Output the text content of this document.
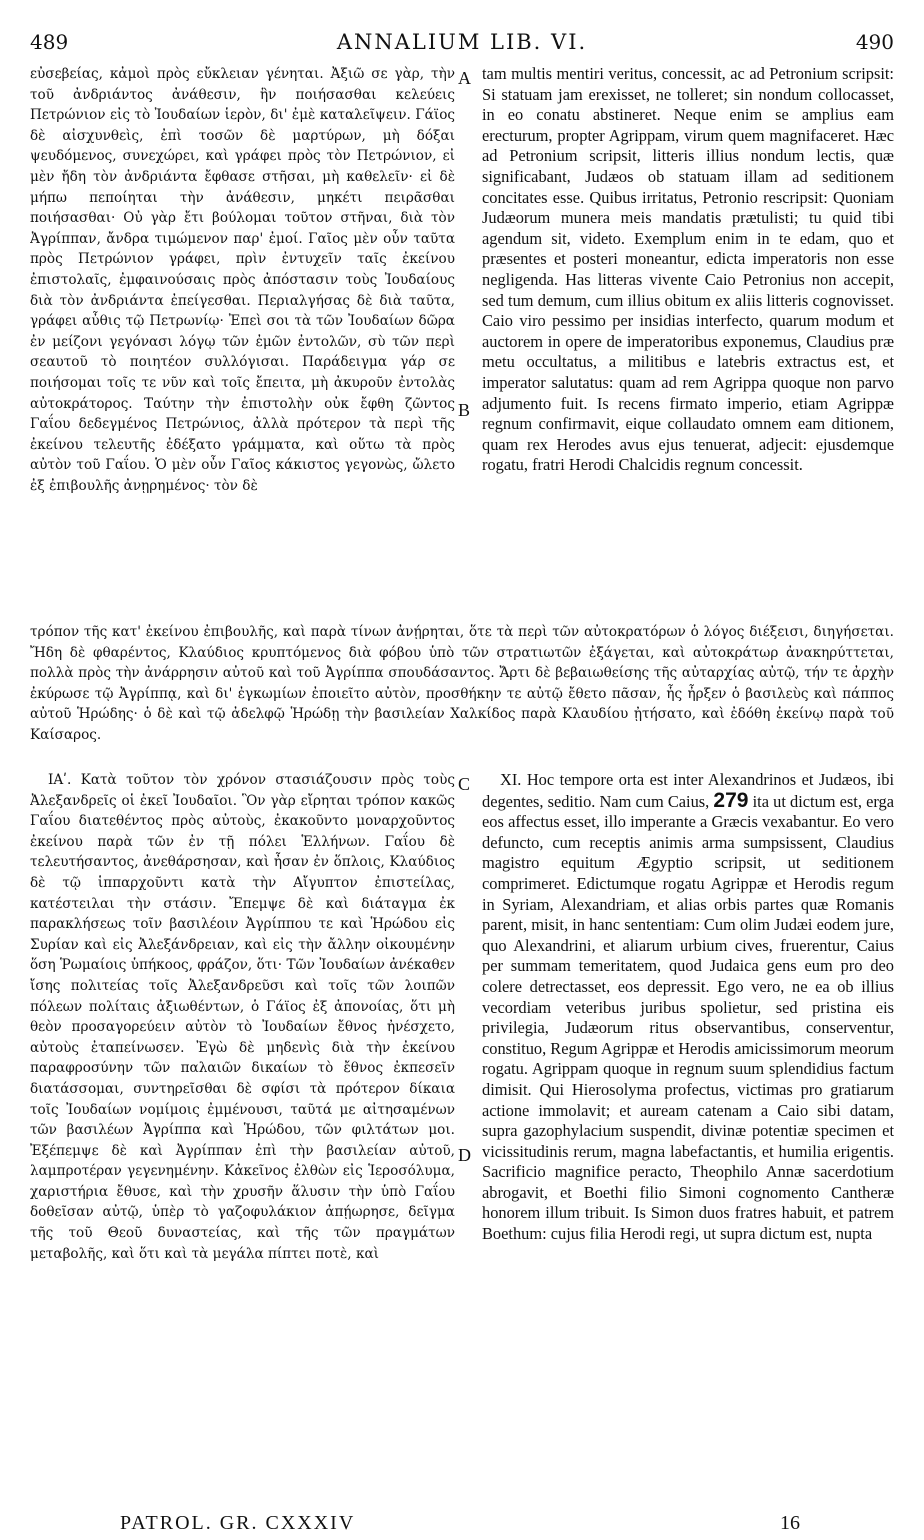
489	ANNALIUM LIB. VI.	490

εὐσεβείας, κἀμοὶ πρὸς εὔκλειαν γένηται. Ἀξιῶ σε γὰρ, τὴν τοῦ ἀνδριάντος ἀνάθεσιν, ἣν ποιήσασθαι κελεύεις Πετρώνιον εἰς τὸ Ἰουδαίων ἱερὸν, δι' ἐμὲ καταλεῖψειν. Γάϊος δὲ αἰσχυνθεὶς, ἐπὶ τοσῶν δὲ μαρτύρων, μὴ δόξαι ψευδόμενος, συνεχώρει, καὶ γράφει πρὸς τὸν Πετρώνιον, εἰ μὲν ἤδη τὸν ἀνδριάντα ἔφθασε στῆσαι, μὴ καθελεῖν· εἰ δὲ μήπω πεποίηται τὴν ἀνάθεσιν, μηκέτι πειρᾶσθαι ποιήσασθαι· Οὐ γὰρ ἔτι βούλομαι τοῦτον στῆναι, διὰ τὸν Ἀγρίππαν, ἄνδρα τιμώμενον παρ' ἐμοί. Γαῖος μὲν οὖν ταῦτα πρὸς Πετρώνιον γράφει, πρὶν ἐντυχεῖν ταῖς ἐκείνου ἐπιστολαῖς, ἐμφαινούσαις πρὸς ἀπόστασιν τοὺς Ἰουδαίους διὰ τὸν ἀνδριάντα ἐπείγεσθαι. Περιαλγήσας δὲ διὰ ταῦτα, γράφει αὖθις τῷ Πετρωνίῳ· Ἐπεὶ σοι τὰ τῶν Ἰουδαίων δῶρα ἐν μείζονι γεγόνασι λόγῳ τῶν ἐμῶν ἐντολῶν, σὺ τῶν περὶ σεαυτοῦ τὸ ποιητέον συλλόγισαι. Παράδειγμα γάρ σε ποιήσομαι τοῖς τε νῦν καὶ τοῖς ἔπειτα, μὴ ἀκυροῦν ἐντολὰς αὐτοκράτορος. Ταύτην τὴν ἐπιστολὴν οὐκ ἔφθη ζῶντος Γαΐου δεδεγμένος Πετρώνιος, ἀλλὰ πρότερον τὰ περὶ τῆς ἐκείνου τελευτῆς ἐδέξατο γράμματα, καὶ οὕτω τὰ πρὸς αὐτὸν τοῦ Γαΐου. Ὁ μὲν οὖν Γαῖος κάκιστος γεγονὼς, ὤλετο ἐξ ἐπιβουλῆς ἀνῃρημένος· τὸν δὲ

A
B

tam multis mentiri veritus, concessit, ac ad Petronium scripsit: Si statuam jam erexisset, ne tolleret; sin nondum collocasset, in eo conatu abstineret. Neque enim se amplius eam erecturum, propter Agrippam, virum quem magnifaceret. Hæc ad Petronium scripsit, litteris illius nondum lectis, quæ significabant, Judæos ob statuam illam ad seditionem concitates esse. Quibus irritatus, Petronio rescripsit: Quoniam Judæorum munera meis mandatis prætulisti; tu quid tibi agendum sit, videto. Exemplum enim in te edam, quo et præsentes et posteri moneantur, edicta imperatoris non esse negligenda. Has litteras vivente Caio Petronius non accepit, sed tum demum, cum illius obitum ex aliis litteris cognovisset. Caio viro pessimo per insidias interfecto, quarum modum et auctorem in opere de imperatoribus exponemus, Claudius præ metu occultatus, a militibus e latebris extractus est, et imperator salutatus: quam ad rem Agrippa quoque non parvo adjumento fuit. Is recens firmato imperio, etiam Agrippæ regnum confirmavit, eique collaudato omnem eam ditionem, quam rex Herodes avus ejus tenuerat, adjecit: ejusdemque rogatu, fratri Herodi Chalcidis regnum concessit.

τρόπον τῆς κατ' ἐκείνου ἐπιβουλῆς, καὶ παρὰ τίνων ἀνῄρηται, ὅτε τὰ περὶ τῶν αὐτοκρατόρων ὁ λόγος διέξεισι, διηγήσεται. Ἤδη δὲ φθαρέντος, Κλαύδιος κρυπτόμενος διὰ φόβου ὑπὸ τῶν στρατιωτῶν ἐξάγεται, καὶ αὐτοκράτωρ ἀνακηρύττεται, πολλὰ πρὸς τὴν ἀνάρρησιν αὐτοῦ καὶ τοῦ Ἀγρίππα σπουδάσαντος. Ἄρτι δὲ βεβαιωθείσης τῆς αὐταρχίας αὐτῷ, τήν τε ἀρχὴν ἐκύρωσε τῷ Ἀγρίππᾳ, καὶ δι' ἐγκωμίων ἐποιεῖτο αὐτὸν, προσθήκην τε αὐτῷ ἔθετο πᾶσαν, ἧς ἦρξεν ὁ βασιλεὺς καὶ πάππος αὐτοῦ Ἡρώδης· ὁ δὲ καὶ τῷ ἀδελφῷ Ἡρώδῃ τὴν βασιλείαν Χαλκίδος παρὰ Κλαυδίου ᾐτήσατο, καὶ ἐδόθη ἐκείνῳ παρὰ τοῦ Καίσαρος.

C
D

ΙΑʹ. Κατὰ τοῦτον τὸν χρόνον στασιάζουσιν πρὸς τοὺς Ἀλεξανδρεῖς οἱ ἐκεῖ Ἰουδαῖοι. Ὃν γὰρ εἴρηται τρόπον κακῶς Γαΐου διατεθέντος πρὸς αὐτοὺς, ἐκακοῦντο μοναρχοῦντος ἐκείνου παρὰ τῶν ἐν τῇ πόλει Ἑλλήνων. Γαΐου δὲ τελευτήσαντος, ἀνεθάρσησαν, καὶ ἦσαν ἐν ὅπλοις, Κλαύδιος δὲ τῷ ἱππαρχοῦντι κατὰ τὴν Αἴγυπτον ἐπιστείλας, κατέστειλαι τὴν στάσιν. Ἔπεμψε δὲ καὶ διάταγμα ἐκ παρακλήσεως τοῖν βασιλέοιν Ἀγρίππου τε καὶ Ἡρώδου εἰς Συρίαν καὶ εἰς Ἀλεξάνδρειαν, καὶ εἰς τὴν ἄλλην οἰκουμένην ὅση Ῥωμαίοις ὑπήκοος, φράζον, ὅτι· Τῶν Ἰουδαίων ἀνέκαθεν ἴσης πολιτείας τοῖς Ἀλεξανδρεῦσι καὶ τοῖς τῶν λοιπῶν πόλεων πολίταις ἀξιωθέντων, ὁ Γάϊος ἐξ ἀπονοίας, ὅτι μὴ θεὸν προσαγορεύειν αὐτὸν τὸ Ἰουδαίων ἔθνος ἠνέσχετο, αὐτοὺς ἐταπείνωσεν. Ἐγὼ δὲ μηδενὶς διὰ τὴν ἐκείνου παραφροσύνην τῶν παλαιῶν δικαίων τὸ ἔθνος ἐκπεσεῖν διατάσσομαι, συντηρεῖσθαι δὲ σφίσι τὰ πρότερον δίκαια τοῖς Ἰουδαίων νομίμοις ἐμμένουσι, ταῦτά με αἰτησαμένων τῶν βασιλέων Ἀγρίππα καὶ Ἡρώδου, τῶν φιλτάτων μοι. Ἐξέπεμψε δὲ καὶ Ἀγρίππαν ἐπὶ τὴν βασιλείαν αὐτοῦ, λαμπροτέραν γεγενημένην. Κἀκεῖνος ἐλθὼν εἰς Ἱεροσόλυμα, χαριστήρια ἔθυσε, καὶ τὴν χρυσῆν ἅλυσιν τὴν ὑπὸ Γαΐου δοθεῖσαν αὐτῷ, ὑπὲρ τὸ γαζοφυλάκιον ἀπῄωρησε, δεῖγμα τῆς τοῦ Θεοῦ δυναστείας, καὶ τῆς τῶν πραγμάτων μεταβολῆς, καὶ ὅτι καὶ τὰ μεγάλα πίπτει ποτὲ, καὶ

XI. Hoc tempore orta est inter Alexandrinos et Judæos, ibi degentes, seditio. Nam cum Caius, 279 ita ut dictum est, erga eos affectus esset, illo imperante a Græcis vexabantur. Eo vero defuncto, cum receptis animis arma sumpsissent, Claudius magistro equitum Ægyptio scripsit, ut seditionem comprimeret. Edictumque rogatu Agrippæ et Herodis regum in Syriam, Alexandriam, et alias orbis partes quæ Romanis parent, misit, in hanc sententiam: Cum olim Judæi eodem jure, quo Alexandrini, et aliarum urbium cives, fruerentur, Caius per summam temeritatem, quod Judaica gens eum pro deo colere detrectasset, eos depressit. Ego vero, ne ea ob illius vecordiam veteribus juribus spolietur, sed pristina eis privilegia, Judæorum ritus observantibus, conserventur, constituo, Regum Agrippæ et Herodis amicissimorum meorum rogatu. Agrippam quoque in regnum suum splendidius factum dimisit. Qui Hierosolyma profectus, victimas pro gratiarum actione immolavit; et auream catenam a Caio sibi datam, supra gazophylacium suspendit, divinæ potentiæ specimen et vicissitudinis rerum, magna labefactantis, et humilia erigentis. Sacrificio magnifice peracto, Theophilo Annæ sacerdotium abrogavit, et Boethi filio Simoni cognomento Cantheræ honorem illum tribuit. Is Simon duos fratres habuit, et patrem Boethum: cujus filia Herodi regi, ut supra dictum est, nupta

PATROL. GR. CXXXIV	16
